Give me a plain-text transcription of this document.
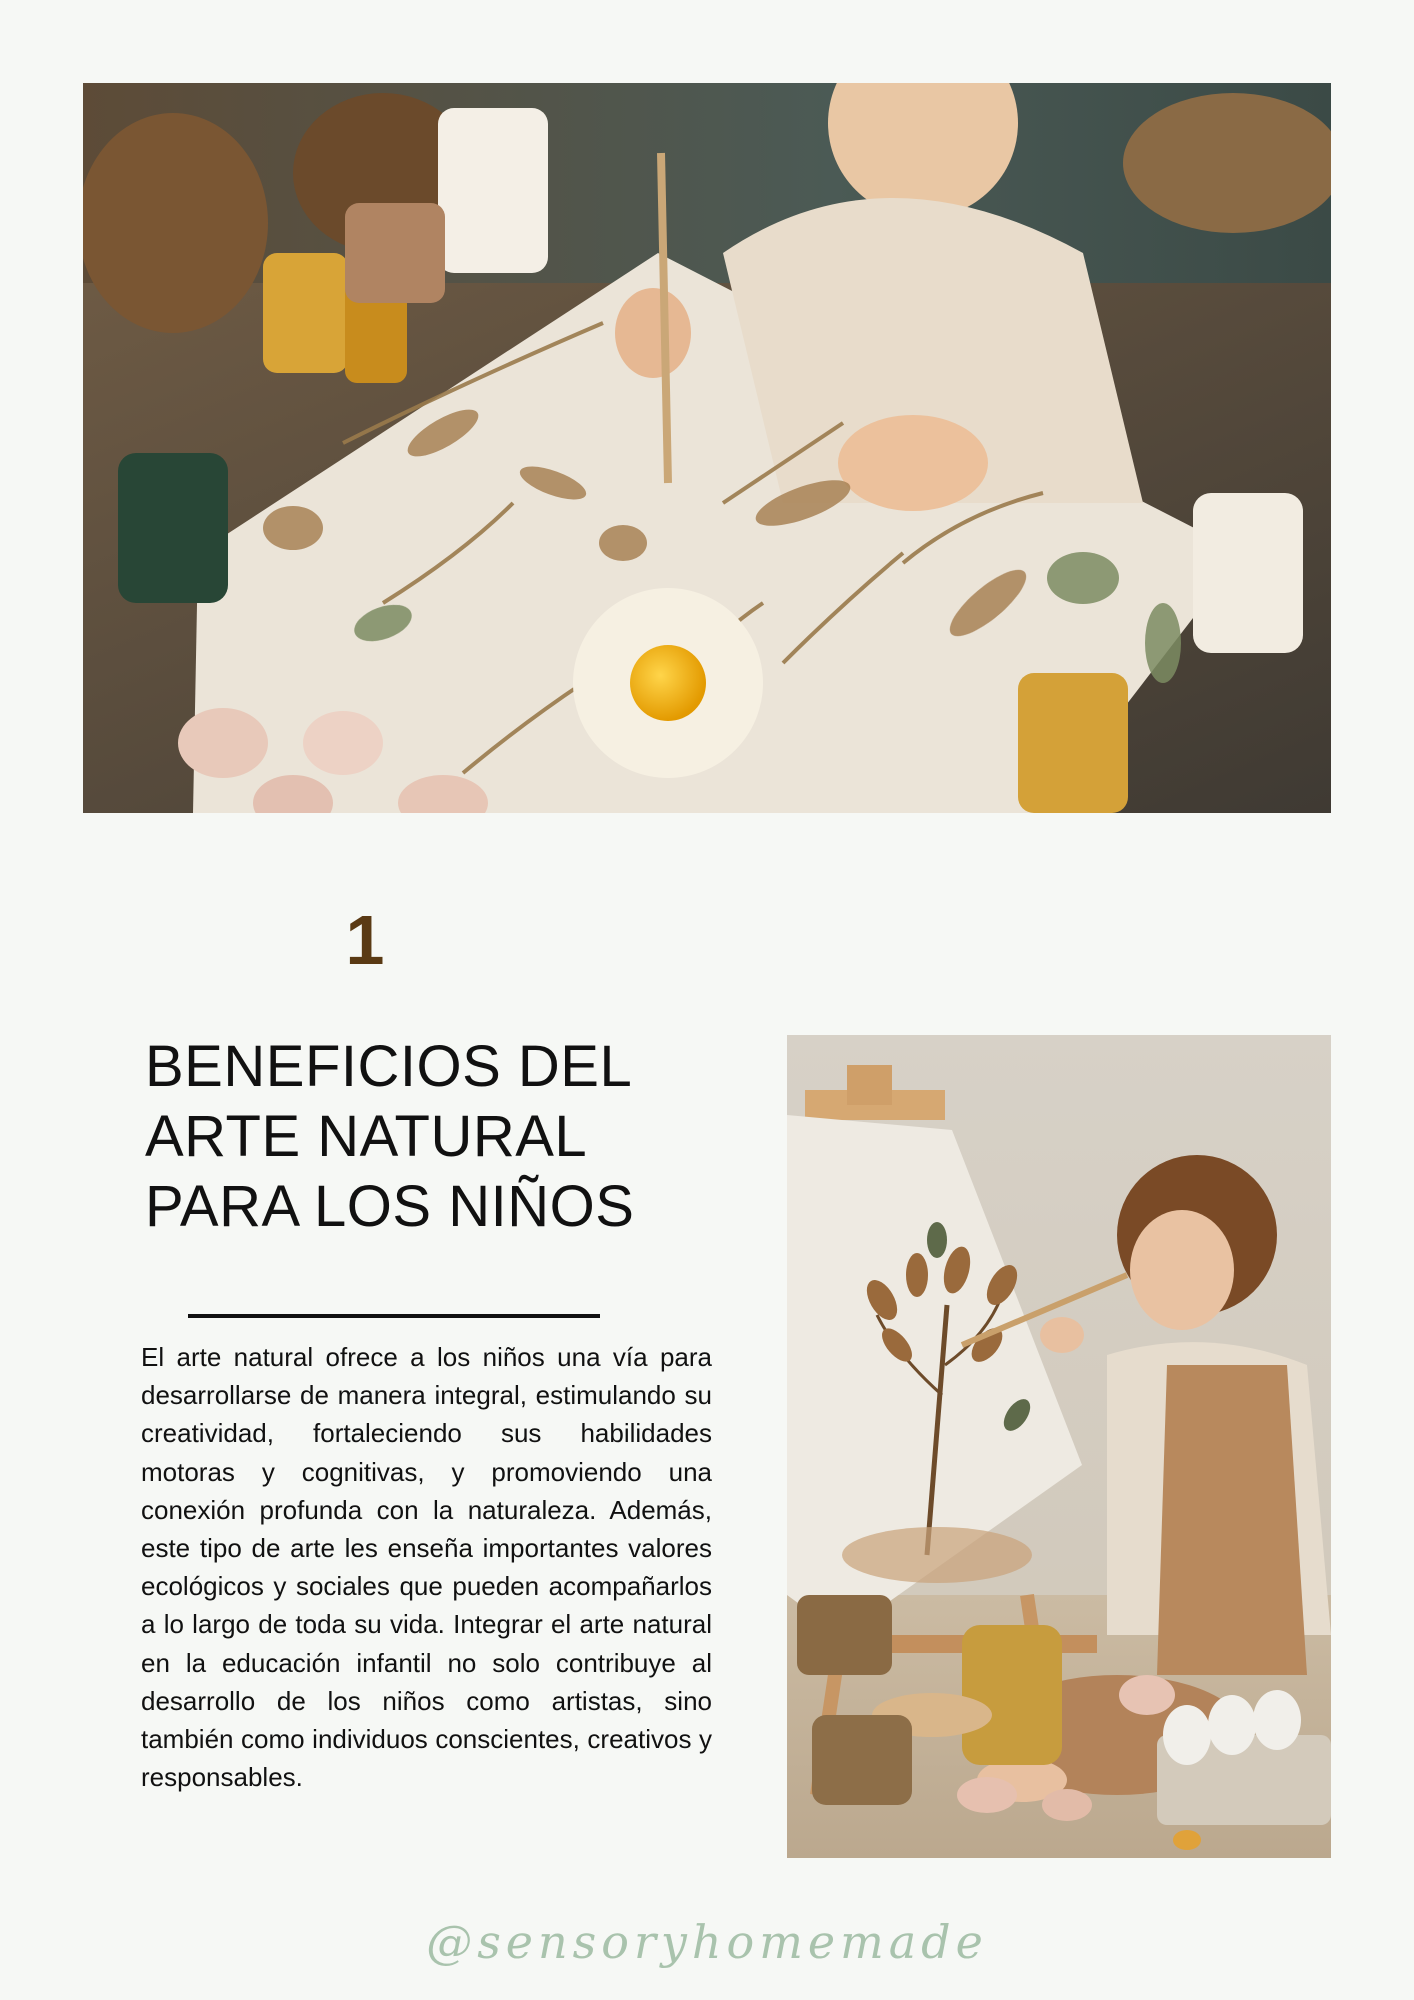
1
BENEFICIOS DEL
ARTE NATURAL
PARA LOS NIÑOS

El arte natural ofrece a los niños una vía para desarrollarse de manera integral, estimulando su creatividad, fortaleciendo sus habilidades motoras y cognitivas, y promoviendo una conexión profunda con la naturaleza. Además, este tipo de arte les enseña importantes valores ecológicos y sociales que pueden acompañarlos a lo largo de toda su vida. Integrar el arte natural en la educación infantil no solo contribuye al desarrollo de los niños como artistas, sino también como individuos conscientes, creativos y responsables.

@sensoryhomemade
